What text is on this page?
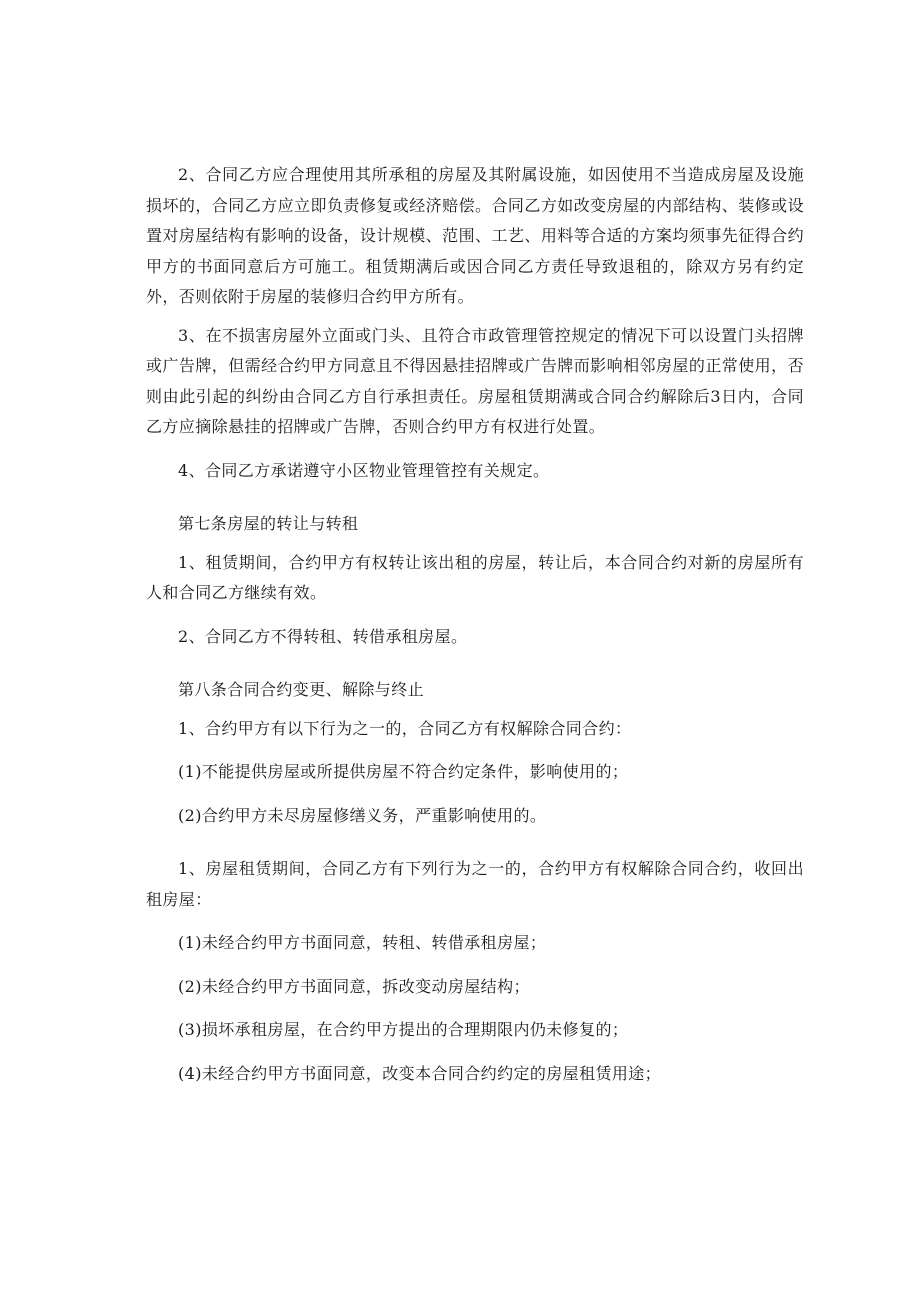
2、合同乙方应合理使用其所承租的房屋及其附属设施，如因使用不当造成房屋及设施损坏的，合同乙方应立即负责修复或经济赔偿。合同乙方如改变房屋的内部结构、装修或设置对房屋结构有影响的设备，设计规模、范围、工艺、用料等合适的方案均须事先征得合约甲方的书面同意后方可施工。租赁期满后或因合同乙方责任导致退租的，除双方另有约定外，否则依附于房屋的装修归合约甲方所有。

3、在不损害房屋外立面或门头、且符合市政管理管控规定的情况下可以设置门头招牌或广告牌，但需经合约甲方同意且不得因悬挂招牌或广告牌而影响相邻房屋的正常使用，否则由此引起的纠纷由合同乙方自行承担责任。房屋租赁期满或合同合约解除后3日内，合同乙方应摘除悬挂的招牌或广告牌，否则合约甲方有权进行处置。

4、合同乙方承诺遵守小区物业管理管控有关规定。

第七条房屋的转让与转租

1、租赁期间，合约甲方有权转让该出租的房屋，转让后，本合同合约对新的房屋所有人和合同乙方继续有效。

2、合同乙方不得转租、转借承租房屋。

第八条合同合约变更、解除与终止

1、合约甲方有以下行为之一的，合同乙方有权解除合同合约：

(1)不能提供房屋或所提供房屋不符合约定条件，影响使用的；

(2)合约甲方未尽房屋修缮义务，严重影响使用的。

1、房屋租赁期间，合同乙方有下列行为之一的，合约甲方有权解除合同合约，收回出租房屋：

(1)未经合约甲方书面同意，转租、转借承租房屋；

(2)未经合约甲方书面同意，拆改变动房屋结构；

(3)损坏承租房屋，在合约甲方提出的合理期限内仍未修复的；

(4)未经合约甲方书面同意，改变本合同合约约定的房屋租赁用途；
